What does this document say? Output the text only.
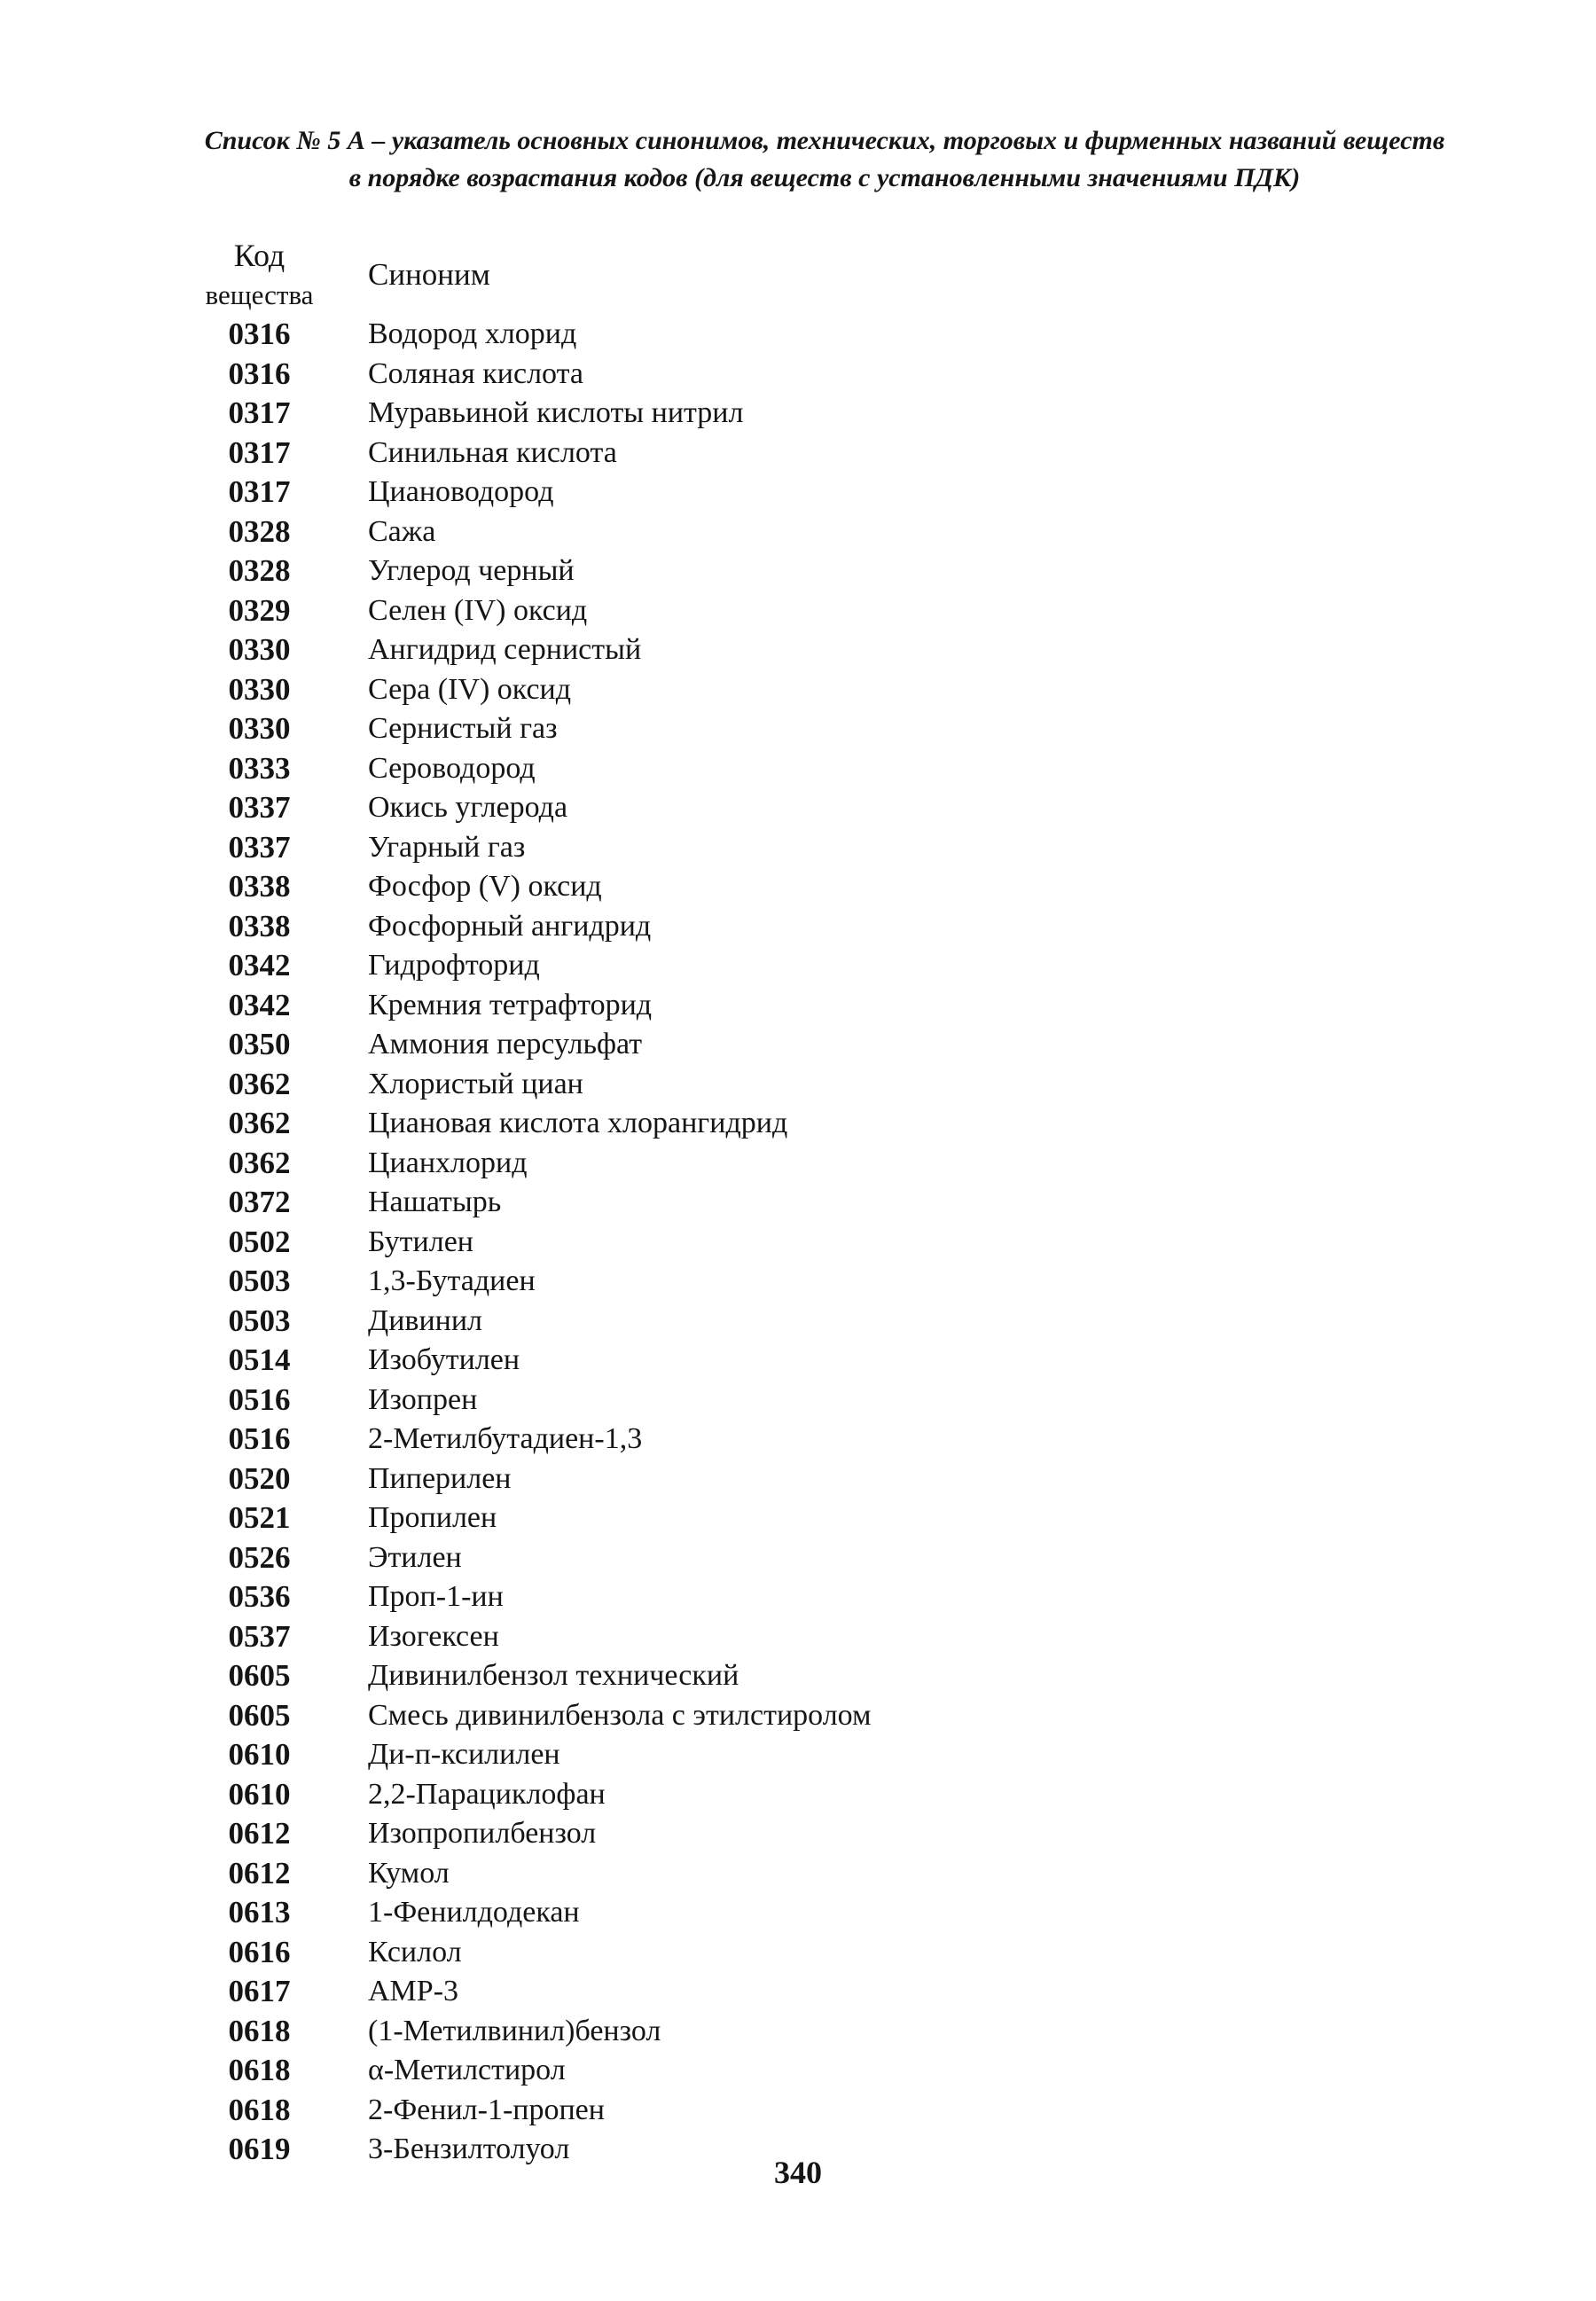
Список № 5 А – указатель основных синонимов, технических, торговых и фирменных названий веществ
в порядке возрастания кодов (для веществ с установленными значениями ПДК)
Код
вещества
Синоним
0316	Водород хлорид
0316	Соляная кислота
0317	Муравьиной кислоты нитрил
0317	Синильная кислота
0317	Циановодород
0328	Сажа
0328	Углерод черный
0329	Селен (IV) оксид
0330	Ангидрид сернистый
0330	Сера (IV) оксид
0330	Сернистый газ
0333	Сероводород
0337	Окись углерода
0337	Угарный газ
0338	Фосфор (V) оксид
0338	Фосфорный ангидрид
0342	Гидрофторид
0342	Кремния тетрафторид
0350	Аммония персульфат
0362	Хлористый циан
0362	Циановая кислота хлорангидрид
0362	Цианхлорид
0372	Нашатырь
0502	Бутилен
0503	1,3-Бутадиен
0503	Дивинил
0514	Изобутилен
0516	Изопрен
0516	2-Метилбутадиен-1,3
0520	Пиперилен
0521	Пропилен
0526	Этилен
0536	Проп-1-ин
0537	Изогексен
0605	Дивинилбензол технический
0605	Смесь дивинилбензола с этилстиролом
0610	Ди-п-ксилилен
0610	2,2-Парациклофан
0612	Изопропилбензол
0612	Кумол
0613	1-Фенилдодекан
0616	Ксилол
0617	АМР-3
0618	(1-Метилвинил)бензол
0618	α-Метилстирол
0618	2-Фенил-1-пропен
0619	3-Бензилтолуол
340
